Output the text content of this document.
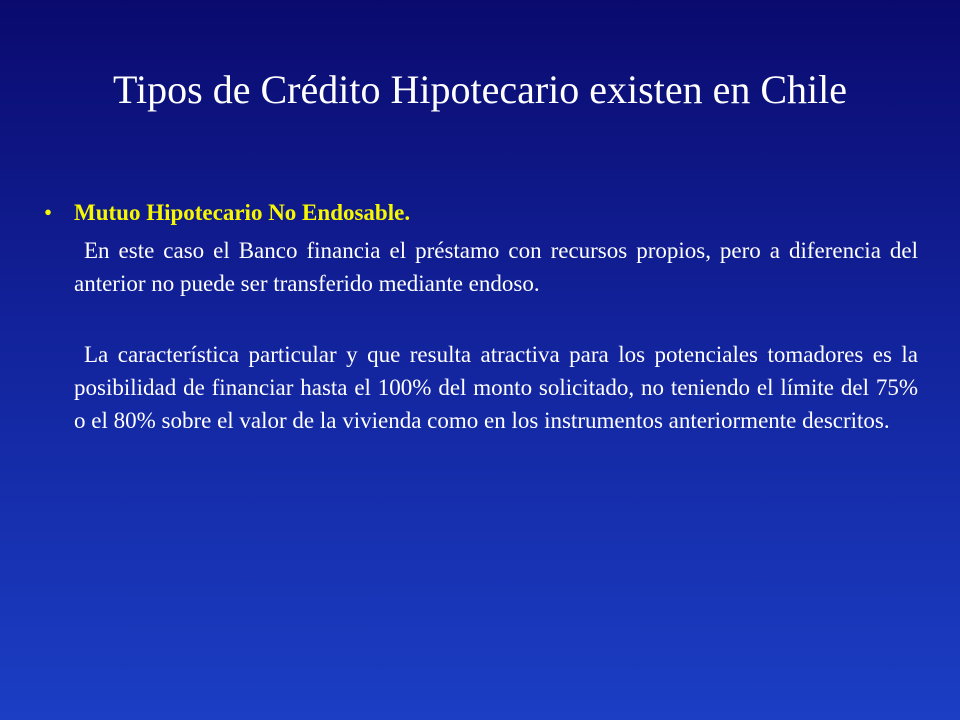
Tipos de Crédito Hipotecario existen en Chile
• Mutuo Hipotecario No Endosable.

En este caso el Banco financia el préstamo con recursos propios, pero a diferencia del anterior no puede ser transferido mediante endoso.

La característica particular y que resulta atractiva para los potenciales tomadores es la posibilidad de financiar hasta el 100% del monto solicitado, no teniendo el límite del 75% o el 80% sobre el valor de la vivienda como en los instrumentos anteriormente descritos.
